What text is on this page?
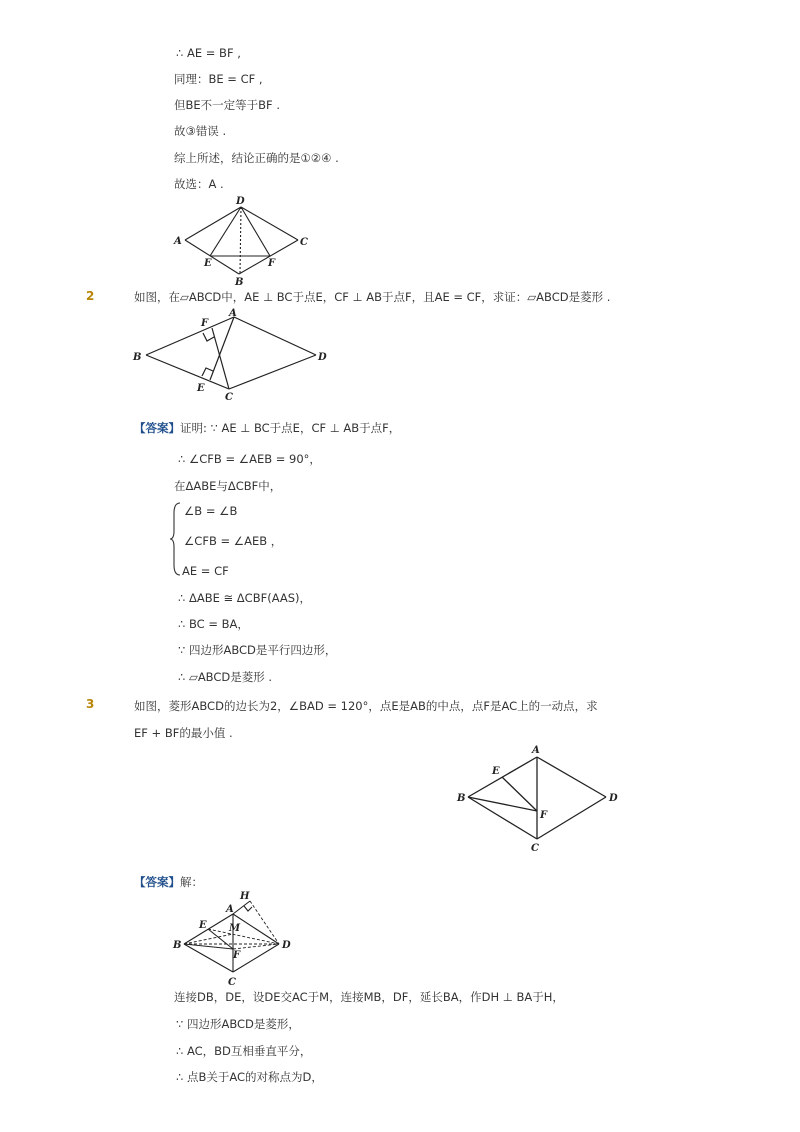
∴ AE = BF ,
同理：BE = CF ,
但BE不一定等于BF .
故③错误 .
综上所述，结论正确的是①②④ .
故选：A .
D
A	C
E	F
B
2	如图，在▱ABCD中，AE ⊥ BC于点E，CF ⊥ AB于点F，且AE = CF，求证：▱ABCD是菱形 .
A
F
B	D
E
C
【答案】证明: ∵ AE ⊥ BC于点E，CF ⊥ AB于点F，
∴ ∠CFB = ∠AEB = 90°，
在ΔABE与ΔCBF中，
∠B = ∠B
∠CFB = ∠AEB ，
AE = CF
∴ ΔABE ≅ ΔCBF(AAS)，
∴ BC = BA，
∵ 四边形ABCD是平行四边形，
∴ ▱ABCD是菱形 .
3	如图，菱形ABCD的边长为2，∠BAD = 120°，点E是AB的中点，点F是AC上的一动点，求
EF + BF的最小值 .
A
E
B	D
F
C
【答案】解：
H
A
E M
B	D
F
C
连接DB，DE，设DE交AC于M，连接MB，DF，延长BA，作DH ⊥ BA于H，
∵ 四边形ABCD是菱形，
∴ AC，BD互相垂直平分，
∴ 点B关于AC的对称点为D，
